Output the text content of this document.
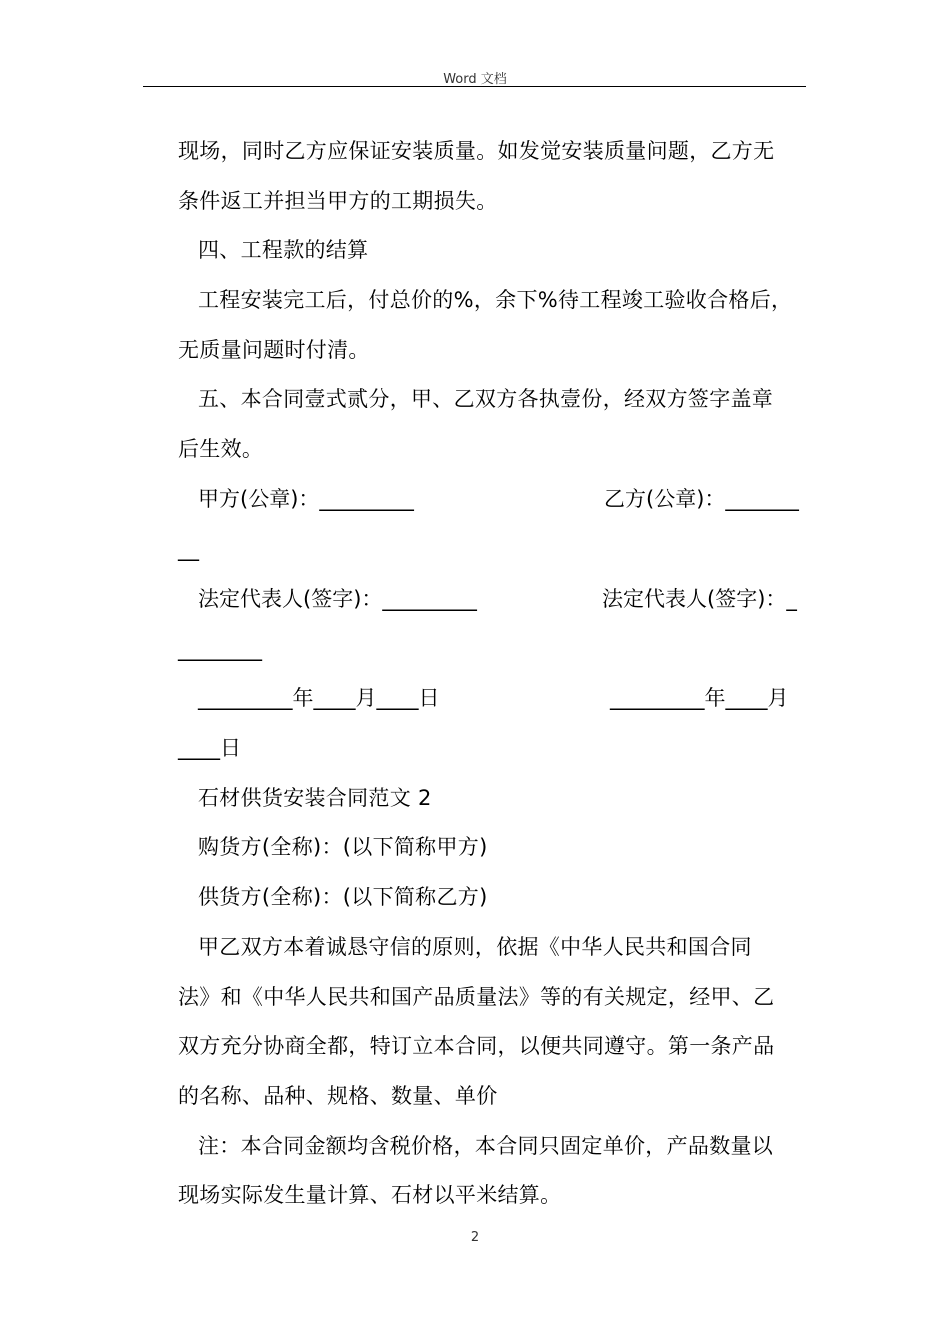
Word 文档
现场，同时乙方应保证安装质量。如发觉安装质量问题，乙方无
条件返工并担当甲方的工期损失。
四、工程款的结算
工程安装完工后，付总价的%，余下%待工程竣工验收合格后，
无质量问题时付清。
五、本合同壹式贰分，甲、乙双方各执壹份，经双方签字盖章
后生效。
甲方(公章)：_________	乙方(公章)：_______
__
法定代表人(签字)：_________	法定代表人(签字)：_
________
_________年____月____日	_________年____月
____日
石材供货安装合同范文 2
购货方(全称)：(以下简称甲方)
供货方(全称)：(以下简称乙方)
甲乙双方本着诚恳守信的原则，依据《中华人民共和国合同
法》和《中华人民共和国产品质量法》等的有关规定，经甲、乙
双方充分协商全都，特订立本合同，以便共同遵守。第一条产品
的名称、品种、规格、数量、单价
注：本合同金额均含税价格，本合同只固定单价，产品数量以
现场实际发生量计算、石材以平米结算。
2
